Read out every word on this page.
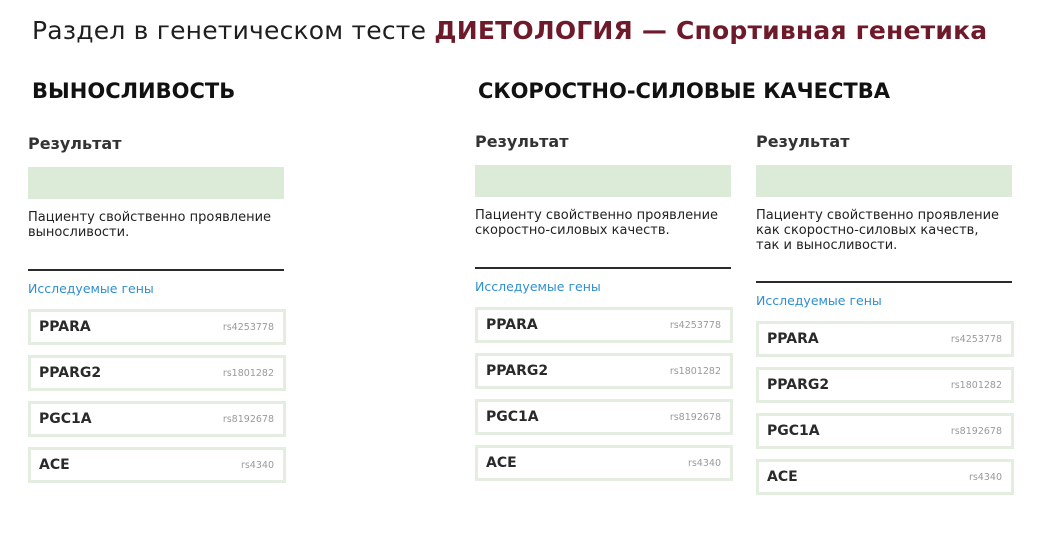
Раздел в генетическом тесте ДИЕТОЛОГИЯ — Спортивная генетика
ВЫНОСЛИВОСТЬ	СКОРОСТНО-СИЛОВЫЕ КАЧЕСТВА
Результат
Пациенту свойственно проявление
выносливости.
Исследуемые гены
PPARA	rs4253778
PPARG2	rs1801282
PGC1A	rs8192678
ACE	rs4340
Результат
Пациенту свойственно проявление
скоростно-силовых качеств.
Исследуемые гены
PPARA	rs4253778
PPARG2	rs1801282
PGC1A	rs8192678
ACE	rs4340
Результат
Пациенту свойственно проявление
как скоростно-силовых качеств,
так и выносливости.
Исследуемые гены
PPARA	rs4253778
PPARG2	rs1801282
PGC1A	rs8192678
ACE	rs4340
